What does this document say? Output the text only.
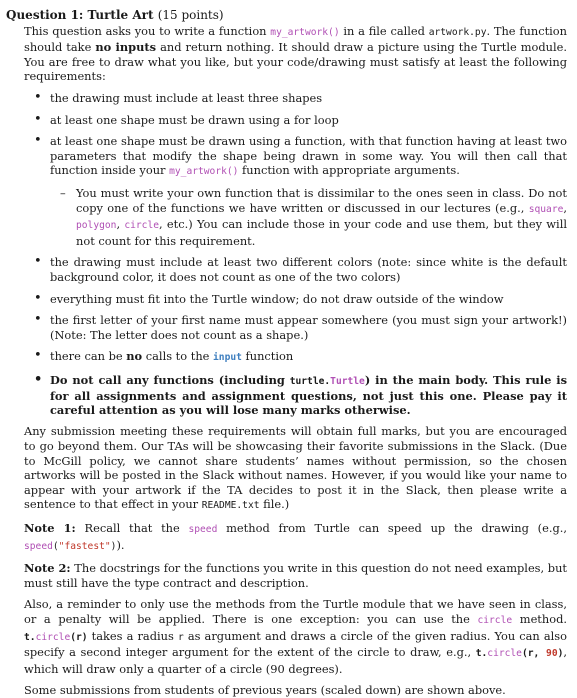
Question 1: Turtle Art (15 points)

This question asks you to write a function my_artwork() in a file called artwork.py. The function should take no inputs and return nothing. It should draw a picture using the Turtle module. You are free to draw what you like, but your code/drawing must satisfy at least the following requirements:

• the drawing must include at least three shapes
• at least one shape must be drawn using a for loop
• at least one shape must be drawn using a function, with that function having at least two parameters that modify the shape being drawn in some way. You will then call that function inside your my_artwork() function with appropriate arguments.
– You must write your own function that is dissimilar to the ones seen in class. Do not copy one of the functions we have written or discussed in our lectures (e.g., square, polygon, circle, etc.) You can include those in your code and use them, but they will not count for this requirement.
• the drawing must include at least two different colors (note: since white is the default background color, it does not count as one of the two colors)
• everything must fit into the Turtle window; do not draw outside of the window
• the first letter of your first name must appear somewhere (you must sign your artwork!) (Note: The letter does not count as a shape.)
• there can be no calls to the input function
• Do not call any functions (including turtle.Turtle) in the main body. This rule is for all assignments and assignment questions, not just this one. Please pay it careful attention as you will lose many marks otherwise.

Any submission meeting these requirements will obtain full marks, but you are encouraged to go beyond them. Our TAs will be showcasing their favorite submissions in the Slack. (Due to McGill policy, we cannot share students’ names without permission, so the chosen artworks will be posted in the Slack without names. However, if you would like your name to appear with your artwork if the TA decides to post it in the Slack, then please write a sentence to that effect in your README.txt file.)

Note 1: Recall that the speed method from Turtle can speed up the drawing (e.g., speed("fastest")).

Note 2: The docstrings for the functions you write in this question do not need examples, but must still have the type contract and description.

Also, a reminder to only use the methods from the Turtle module that we have seen in class, or a penalty will be applied. There is one exception: you can use the circle method. t.circle(r) takes a radius r as argument and draws a circle of the given radius. You can also specify a second integer argument for the extent of the circle to draw, e.g., t.circle(r, 90), which will draw only a quarter of a circle (90 degrees).

Some submissions from students of previous years (scaled down) are shown above.
